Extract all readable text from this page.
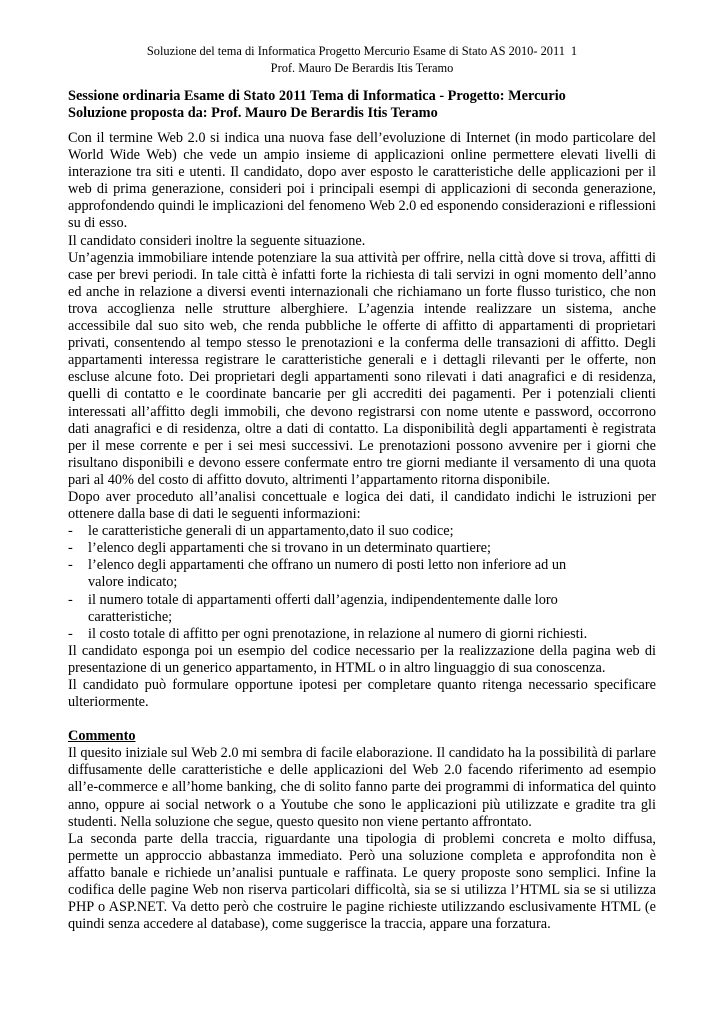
Soluzione del tema di Informatica Progetto Mercurio Esame di Stato AS 2010- 2011 1
Prof. Mauro De Berardis Itis Teramo
Sessione ordinaria Esame di Stato 2011 Tema di Informatica - Progetto: Mercurio
Soluzione proposta da: Prof. Mauro De Berardis Itis Teramo

Con il termine Web 2.0 si indica una nuova fase dell’evoluzione di Internet (in modo particolare del World Wide Web) che vede un ampio insieme di applicazioni online permettere elevati livelli di interazione tra siti e utenti. Il candidato, dopo aver esposto le caratteristiche delle applicazioni per il web di prima generazione, consideri poi i principali esempi di applicazioni di seconda generazione, approfondendo quindi le implicazioni del fenomeno Web 2.0 ed esponendo considerazioni e riflessioni su di esso.

Il candidato consideri inoltre la seguente situazione.

Un’agenzia immobiliare intende potenziare la sua attività per offrire, nella città dove si trova, affitti di case per brevi periodi. In tale città è infatti forte la richiesta di tali servizi in ogni momento dell’anno ed anche in relazione a diversi eventi internazionali che richiamano un forte flusso turistico, che non trova accoglienza nelle strutture alberghiere. L’agenzia intende realizzare un sistema, anche accessibile dal suo sito web, che renda pubbliche le offerte di affitto di appartamenti di proprietari privati, consentendo al tempo stesso le prenotazioni e la conferma delle transazioni di affitto. Degli appartamenti interessa registrare le caratteristiche generali e i dettagli rilevanti per le offerte, non escluse alcune foto. Dei proprietari degli appartamenti sono rilevati i dati anagrafici e di residenza, quelli di contatto e le coordinate bancarie per gli accrediti dei pagamenti. Per i potenziali clienti interessati all’affitto degli immobili, che devono registrarsi con nome utente e password, occorrono dati anagrafici e di residenza, oltre a dati di contatto. La disponibilità degli appartamenti è registrata per il mese corrente e per i sei mesi successivi. Le prenotazioni possono avvenire per i giorni che risultano disponibili e devono essere confermate entro tre giorni mediante il versamento di una quota pari al 40% del costo di affitto dovuto, altrimenti l’appartamento ritorna disponibile.

Dopo aver proceduto all’analisi concettuale e logica dei dati, il candidato indichi le istruzioni per ottenere dalla base di dati le seguenti informazioni:

- le caratteristiche generali di un appartamento,dato il suo codice;
- l’elenco degli appartamenti che si trovano in un determinato quartiere;
- l’elenco degli appartamenti che offrano un numero di posti letto non inferiore ad un valore indicato;
- il numero totale di appartamenti offerti dall’agenzia, indipendentemente dalle loro caratteristiche;
- il costo totale di affitto per ogni prenotazione, in relazione al numero di giorni richiesti.

Il candidato esponga poi un esempio del codice necessario per la realizzazione della pagina web di presentazione di un generico appartamento, in HTML o in altro linguaggio di sua conoscenza.

Il candidato può formulare opportune ipotesi per completare quanto ritenga necessario specificare ulteriormente.

Commento

Il quesito iniziale sul Web 2.0 mi sembra di facile elaborazione. Il candidato ha la possibilità di parlare diffusamente delle caratteristiche e delle applicazioni del Web 2.0 facendo riferimento ad esempio all’e-commerce e all’home banking, che di solito fanno parte dei programmi di informatica del quinto anno, oppure ai social network o a Youtube che sono le applicazioni più utilizzate e gradite tra gli studenti. Nella soluzione che segue, questo quesito non viene pertanto affrontato.

La seconda parte della traccia, riguardante una tipologia di problemi concreta e molto diffusa, permette un approccio abbastanza immediato. Però una soluzione completa e approfondita non è affatto banale e richiede un’analisi puntuale e raffinata. Le query proposte sono semplici. Infine la codifica delle pagine Web non riserva particolari difficoltà, sia se si utilizza l’HTML sia se si utilizza PHP o ASP.NET. Va detto però che costruire le pagine richieste utilizzando esclusivamente HTML (e quindi senza accedere al database), come suggerisce la traccia, appare una forzatura.
